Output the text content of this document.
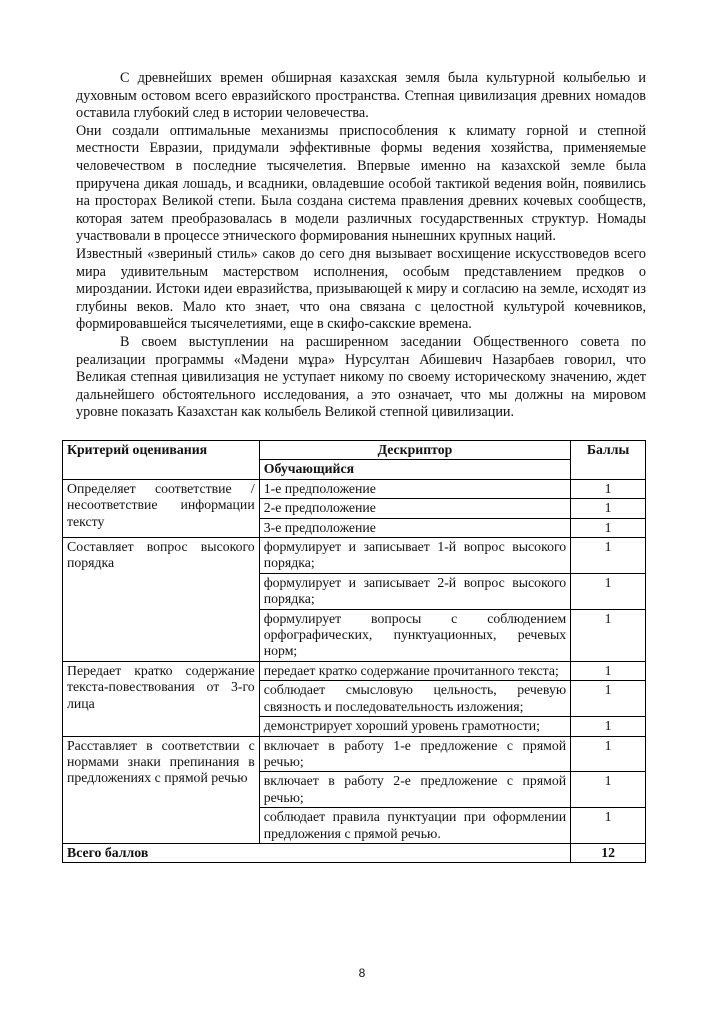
С древнейших времен обширная казахская земля была культурной колыбелью и духовным остовом всего евразийского пространства. Степная цивилизация древних номадов оставила глубокий след в истории человечества.

Они создали оптимальные механизмы приспособления к климату горной и степной местности Евразии, придумали эффективные формы ведения хозяйства, применяемые человечеством в последние тысячелетия. Впервые именно на казахской земле была приручена дикая лошадь, и всадники, овладевшие особой тактикой ведения войн, появились на просторах Великой степи. Была создана система правления древних кочевых сообществ, которая затем преобразовалась в модели различных государственных структур. Номады участвовали в процессе этнического формирования нынешних крупных наций.

Известный «звериный стиль» саков до сего дня вызывает восхищение искусствоведов всего мира удивительным мастерством исполнения, особым представлением предков о мироздании. Истоки идеи евразийства, призывающей к миру и согласию на земле, исходят из глубины веков. Мало кто знает, что она связана с целостной культурой кочевников, формировавшейся тысячелетиями, еще в скифо-сакские времена.

В своем выступлении на расширенном заседании Общественного совета по реализации программы «Мәдени мұра» Нурсултан Абишевич Назарбаев говорил, что Великая степная цивилизация не уступает никому по своему историческому значению, ждет дальнейшего обстоятельного исследования, а это означает, что мы должны на мировом уровне показать Казахстан как колыбель Великой степной цивилизации.

Критерий оценивания	Дескриптор	Баллы
	Обучающийся	
Определяет соответствие /несоответствие информации тексту	1-е предположение	1
	2-е предположение	1
	3-е предположение	1
Составляет вопрос высокого порядка	формулирует и записывает 1-й вопрос высокого порядка;	1
	формулирует и записывает 2-й вопрос высокого порядка;	1
	формулирует вопросы с соблюдением орфографических, пунктуационных, речевых норм;	1
Передает кратко содержание текста-повествования от 3-го лица	передает кратко содержание прочитанного текста;	1
	соблюдает смысловую цельность, речевую связность и последовательность изложения;	1
	демонстрирует хороший уровень грамотности;	1
Расставляет в соответствии с нормами знаки препинания в предложениях с прямой речью	включает в работу 1-е предложение с прямой речью;	1
	включает в работу 2-е предложение с прямой речью;	1
	соблюдает правила пунктуации при оформлении предложения с прямой речью.	1
Всего баллов		12
8
